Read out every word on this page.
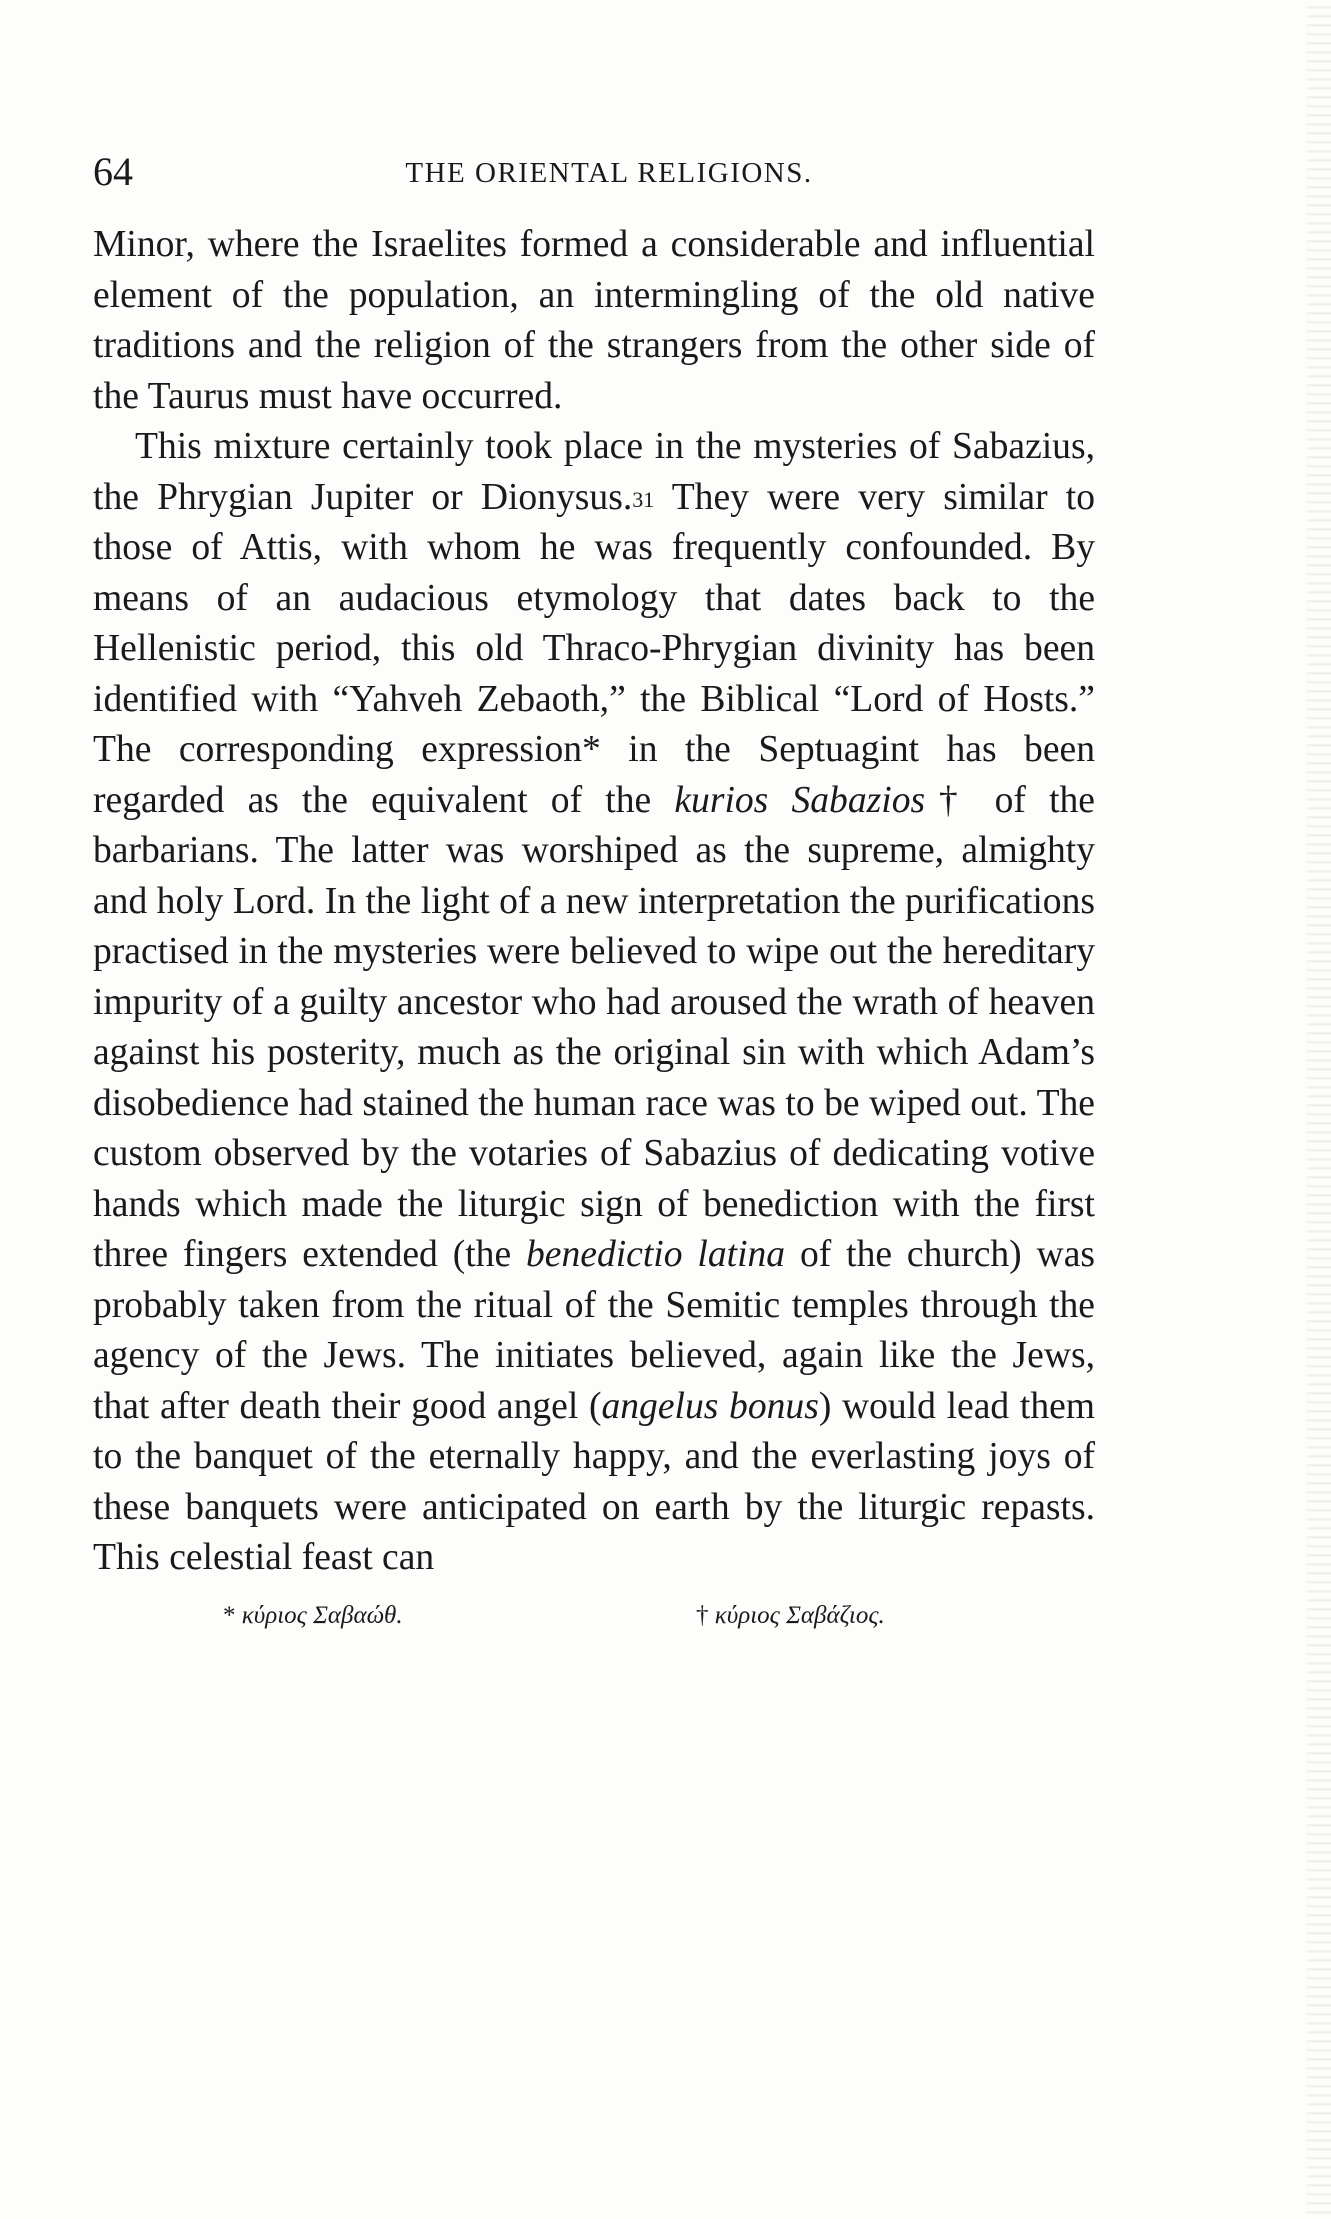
64	THE ORIENTAL RELIGIONS.

Minor, where the Israelites formed a considerable and influential element of the population, an intermingling of the old native traditions and the religion of the strangers from the other side of the Taurus must have occurred.

This mixture certainly took place in the mysteries of Sabazius, the Phrygian Jupiter or Dionysus.$^{31}$ They were very similar to those of Attis, with whom he was frequently confounded. By means of an audacious etymology that dates back to the Hellenistic period, this old Thraco-Phrygian divinity has been identified with “Yahveh Zebaoth,” the Biblical “Lord of Hosts.” The corresponding expression* in the Septuagint has been regarded as the equivalent of the kurios Sabazios† of the barbarians. The latter was worshiped as the supreme, almighty and holy Lord. In the light of a new interpretation the purifications practised in the mysteries were believed to wipe out the hereditary impurity of a guilty ancestor who had aroused the wrath of heaven against his posterity, much as the original sin with which Adam’s disobedience had stained the human race was to be wiped out. The custom observed by the votaries of Sabazius of dedicating votive hands which made the liturgic sign of benediction with the first three fingers extended (the benedictio latina of the church) was probably taken from the ritual of the Semitic temples through the agency of the Jews. The initiates believed, again like the Jews, that after death their good angel (angelus bonus) would lead them to the banquet of the eternally happy, and the everlasting joys of these banquets were anticipated on earth by the liturgic repasts. This celestial feast can

* κύριος Σαβαώθ.	† κύριος Σαβάζιος.
